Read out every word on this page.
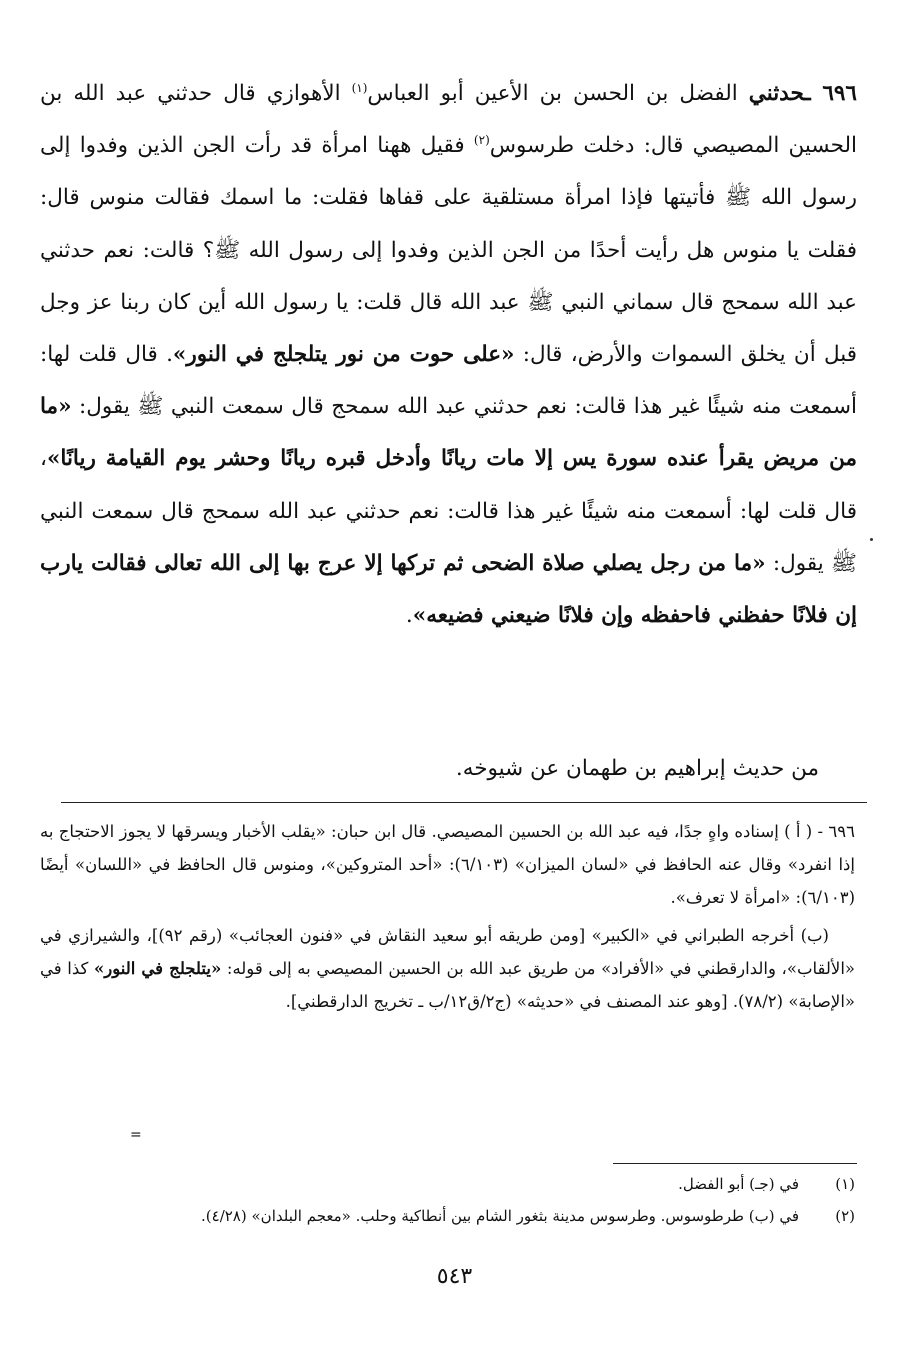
٦٩٦ ـحدثني الفضل بن الحسن بن الأعين أبو العباس$^{(١)}$ الأهوازي قال حدثني عبد الله بن الحسين المصيصي قال: دخلت طرسوس$^{(٢)}$ فقيل ههنا امرأة قد رأت الجن الذين وفدوا إلى رسول الله ﷺ فأتيتها فإذا امرأة مستلقية على قفاها فقلت: ما اسمك فقالت منوس قال: فقلت يا منوس هل رأيت أحدًا من الجن الذين وفدوا إلى رسول الله ﷺ؟ قالت: نعم حدثني عبد الله سمحج قال سماني النبي ﷺ عبد الله قال قلت: يا رسول الله أين كان ربنا عز وجل قبل أن يخلق السموات والأرض، قال: «على حوت من نور يتلجلج في النور». قال قلت لها: أسمعت منه شيئًا غير هذا قالت: نعم حدثني عبد الله سمحج قال سمعت النبي ﷺ يقول: «ما من مريض يقرأ عنده سورة يس إلا مات ريانًا وأدخل قبره ريانًا وحشر يوم القيامة ريانًا»، قال قلت لها: أسمعت منه شيئًا غير هذا قالت: نعم حدثني عبد الله سمحج قال سمعت النبي ﷺ يقول: «ما من رجل يصلي صلاة الضحى ثم تركها إلا عرج بها إلى الله تعالى فقالت يارب إن فلانًا حفظني فاحفظه وإن فلانًا ضيعني فضيعه».

من حديث إبراهيم بن طهمان عن شيوخه.

٦٩٦ - ( أ ) إسناده واهٍ جدًا، فيه عبد الله بن الحسين المصيصي. قال ابن حبان: «يقلب الأخبار ويسرقها لا يجوز الاحتجاج به إذا انفرد» وقال عنه الحافظ في «لسان الميزان» (٦/١٠٣): «أحد المتروكين»، ومنوس قال الحافظ في «اللسان» أيضًا (٦/١٠٣): «امرأة لا تعرف».

(ب) أخرجه الطبراني في «الكبير» [ومن طريقه أبو سعيد النقاش في «فنون العجائب» (رقم ٩٢)]، والشيرازي في «الألقاب»، والدارقطني في «الأفراد» من طريق عبد الله بن الحسين المصيصي به إلى قوله: «يتلجلج في النور» كذا في «الإصابة» (٧٨/٢). [وهو عند المصنف في «حديثه» (ج٢/ق١٢/ب ـ تخريج الدارقطني].

=
(١)في (جـ) أبو الفضل.
(٢)في (ب) طرطوسوس. وطرسوس مدينة بثغور الشام بين أنطاكية وحلب. «معجم البلدان» (٤/٢٨).
٥٤٣
